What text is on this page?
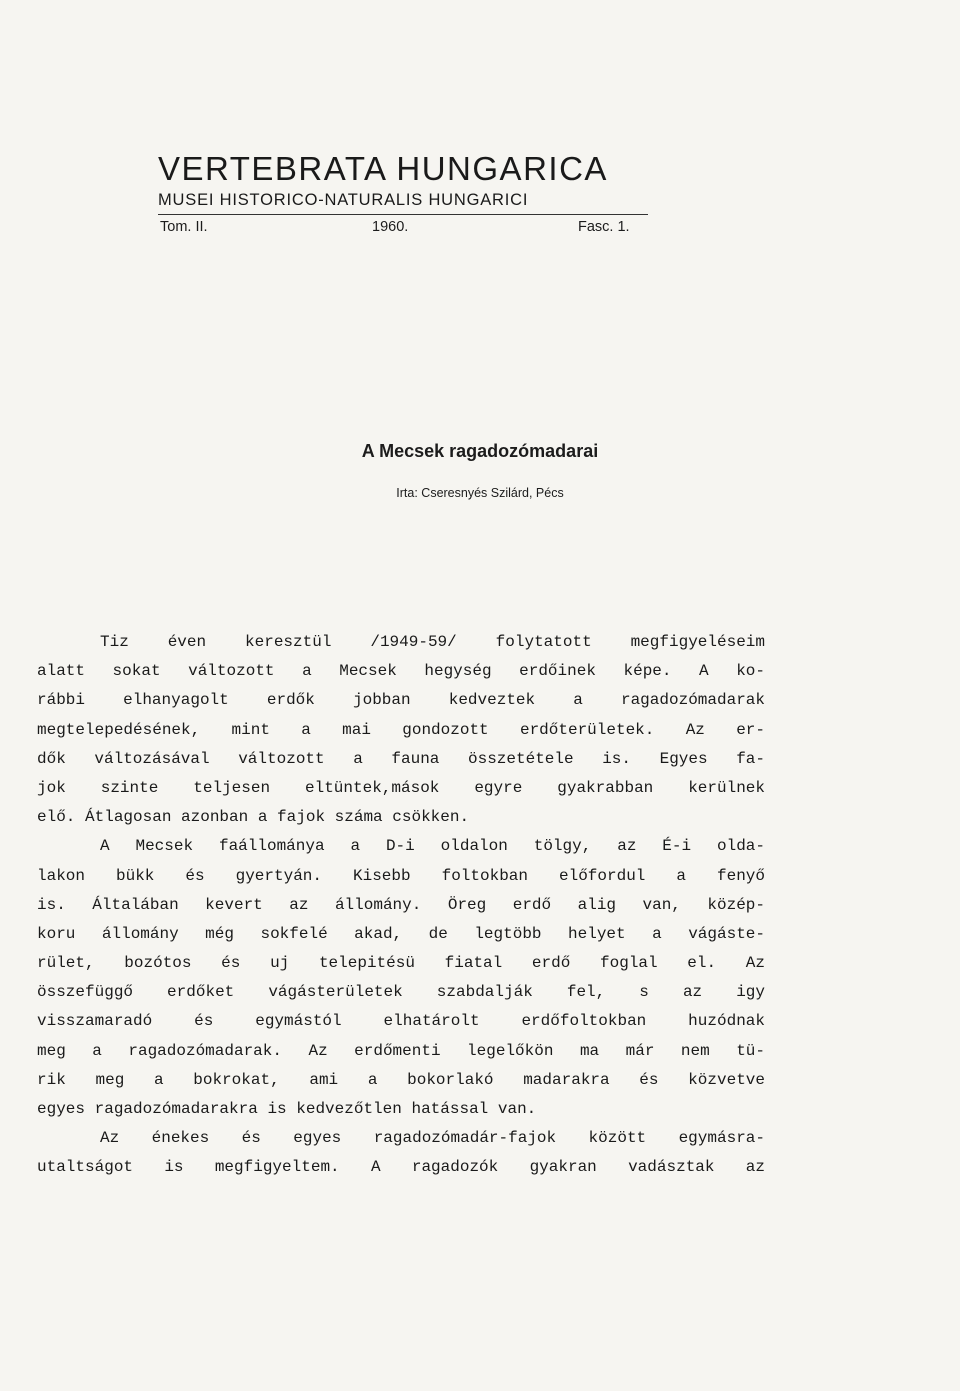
VERTEBRATA HUNGARICA
MUSEI HISTORICO-NATURALIS HUNGARICI
Tom. II.	1960.	Fasc. 1.
A Mecsek ragadozómadarai
Irta: Cseresnyés Szilárd, Pécs
Tiz éven keresztül /1949-59/ folytatott megfigyeléseim
alatt sokat változott a Mecsek hegység erdőinek képe. A ko-
rábbi elhanyagolt erdők jobban kedveztek a ragadozómadarak
megtelepedésének, mint a mai gondozott erdőterületek. Az er-
dők változásával változott a fauna összetétele is. Egyes fa-
jok szinte teljesen eltüntek,mások egyre gyakrabban kerülnek
elő. Átlagosan azonban a fajok száma csökken.
A Mecsek faállománya a D-i oldalon tölgy, az É-i olda-
lakon bükk és gyertyán. Kisebb foltokban előfordul a fenyő
is. Általában kevert az állomány. Öreg erdő alig van, közép-
koru állomány még sokfelé akad, de legtöbb helyet a vágáste-
rület, bozótos és uj telepitésü fiatal erdő foglal el. Az
összefüggő erdőket vágásterületek szabdalják fel, s az igy
visszamaradó és egymástól elhatárolt erdőfoltokban huzódnak
meg a ragadozómadarak. Az erdőmenti legelőkön ma már nem tü-
rik meg a bokrokat, ami a bokorlakó madarakra és közvetve
egyes ragadozómadarakra is kedvezőtlen hatással van.
Az énekes és egyes ragadozómadár-fajok között egymásra-
utaltságot is megfigyeltem. A ragadozók gyakran vadásztak az
